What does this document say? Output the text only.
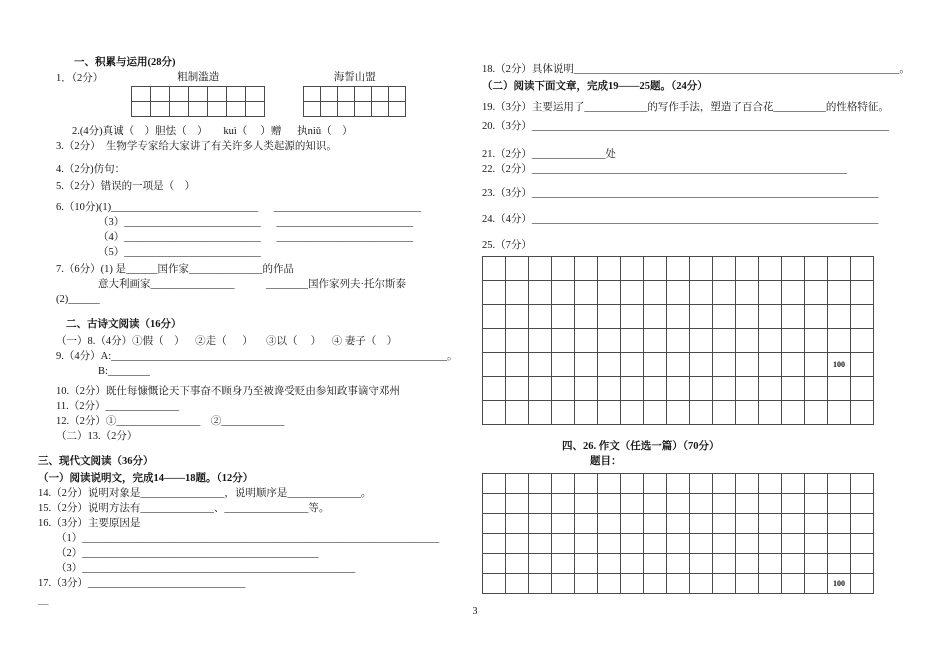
一、积累与运用(28分)
1．（2分）	粗制滥造	海誓山盟
2.(4分)真诚（    ）胆怯（    ）      kuì（     ）赠      执niǔ（    ）
3.（2分）  生物学专家给大家讲了有关许多人类起源的知识。
4.（2分)仿句：
5.（2分）错误的一项是（    ）
6.（10分)(1)____________________________      ____________________________
（3）__________________________      __________________________
（4）__________________________      __________________________
（5）__________________________
7.（6分）(1) 是______国作家______________的作品
意大利画家________________            ________国作家列夫·托尔斯泰
(2)______
二、古诗文阅读（16分）
（一）8.（4分）①假（    ）    ②走（      ）     ③以（     ）    ④ 妻子（    ）
9.（4分）A:________________________________________________________________。
B:________
10.（2分）既仕每慷慨论天下事奋不顾身乃至被谗受贬由参知政事谪守邓州
11.（2分）______________
12.（2分）①________________    ②____________
（二）13.（2分）
三、现代文阅读（36分）
（一）阅读说明文，完成14——18题。（12分）
14.（2分）说明对象是________________，说明顺序是______________。
15.（2分）说明方法有______________、________________等。
16.（3分）主要原因是
（1）____________________________________________________________________
（2）_____________________________________________
（3）____________________________________________________
17.（3分）______________________________
＿
18.（2分）具体说明______________________________________________________________。
（二）阅读下面文章，完成19——25题。（24分）
19.（3分）主要运用了____________的写作手法，塑造了百合花__________的性格特征。
20.（3分）____________________________________________________________________
21.（2分）______________处
22.（2分）____________________________________________________________
23.（3分）__________________________________________________________________
24.（4分）__________________________________________________________________
25.（7分）
100
四、26. 作文（任选一篇）（70分）
题目：
100
3
